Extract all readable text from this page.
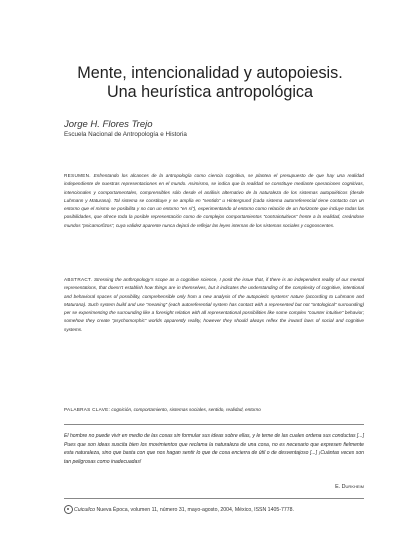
Mente, intencionalidad y autopoiesis.
Una heurística antropológica
Jorge H. Flores Trejo
Escuela Nacional de Antropología e Historia
RESUMEN. Enfrentando los alcances de la antropología como ciencia cognitiva, se plantea el presupuesto de que hay una realidad independiente de nuestras representaciones en el mundo. Asimismo, se indica que la realidad se constituye mediante operaciones cognitivas, intencionales y comportamentales, comprensibles sólo desde el análisis alternativo de la naturaleza de los sistemas autopoiéticos (desde Luhmann y Maturana). Tal sistema se constituye y se amplía en “sentido” u Hintergrund (cada sistema autorreferencial tiene contacto con un entorno que el mismo se posibilita y no con un entorno “en sí”), experimentando al entorno como relación de un horizonte que incluye todas las posibilidades, que ofrece toda la posible representación como de complejos comportamientos “contraintuitivos” frente a la realidad, creándose mundos “psicamorfizos”, cuya validez aparente nunca dejará de reflejar las leyes internas de los sistemas sociales y cognoscentes.
ABSTRACT. Stressing the anthropology’s scope as a cognitive science, I posit the issue that, if there is an independent reality of our mental representations, that doesn’t establish how things are in themselves, but it indicates the understanding of the complexity of cognitive, intentional and behavioral spaces of possibility, comprehensible only from a new analysis of the autopoietic systems’ nature (according to Luhmann and Maturana). Such system build and use “meaning” (each autoreferential system has contact with a represented but not “ontological” surrounding) per se experimenting the surrounding like a foresight relation with all representational possibilities like some complex “counter intuitive” behavior; somehow they create “psychomorphic” worlds apparently reality, however they should always reflex the inward laws of social and cognitive systems.
PALABRAS CLAVE: cognición, comportamiento, sistemas sociales, sentido, realidad, entorno
El hombre no puede vivir en medio de las cosas sin formular sus ideas sobre ellas, y le teme de las cuales ordena sus conductas [...] Pues que son ideas suscita bien los movimientos que reclama la naturaleza de una cosa, no es necesario que expresen fielmente esta naturaleza, sino que basta con que nos hagan sentir lo que de cosa encierra de útil o de desventajoso [...] ¡Cuántas veces son tan peligrosas como inadecuadas!
E. Durkheim
Cuicuilco Nueva Época, volumen 11, número 31, mayo-agosto, 2004, México, ISSN 1405-7778.
